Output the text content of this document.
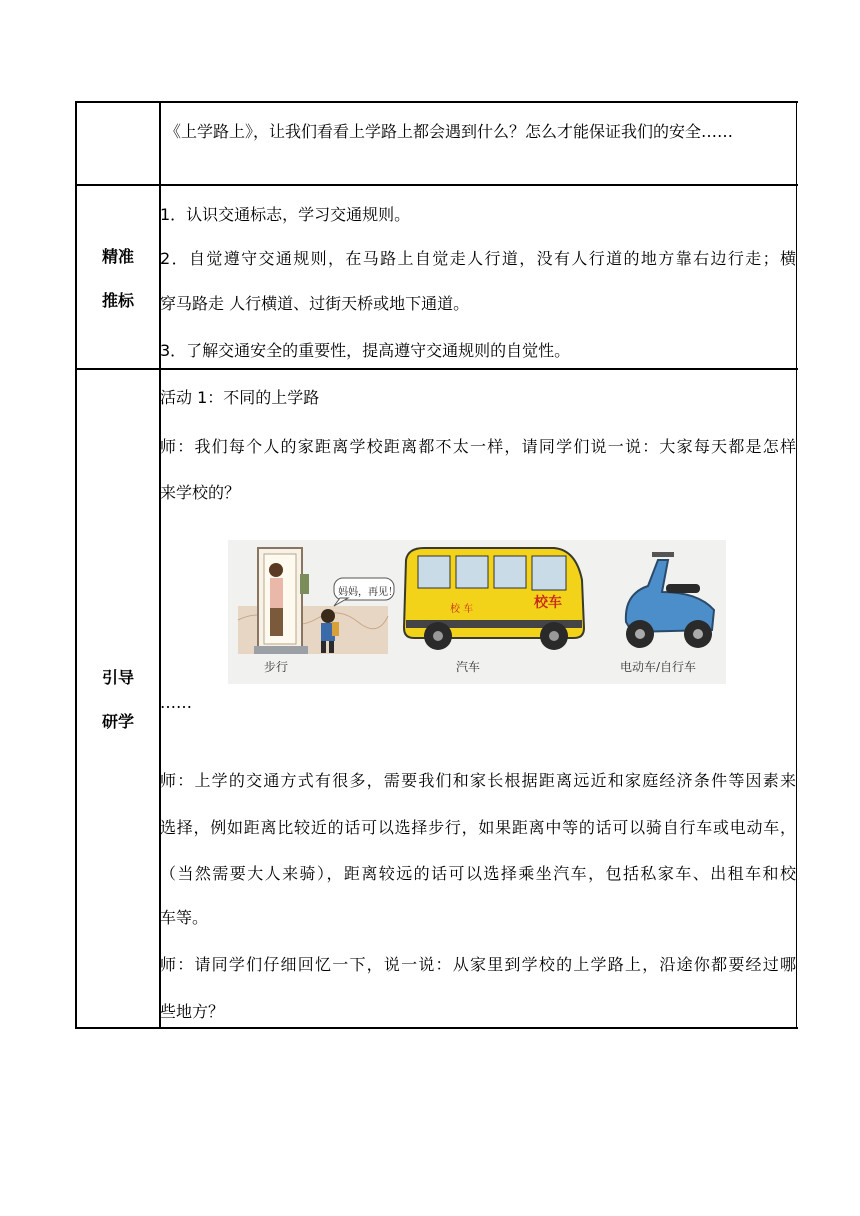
《上学路上》，让我们看看上学路上都会遇到什么？怎么才能保证我们的安全……
精准
推标
1．认识交通标志，学习交通规则。
2．自觉遵守交通规则，在马路上自觉走人行道，没有人行道的地方靠右边行走；横
穿马路走 人行横道、过街天桥或地下通道。
3．了解交通安全的重要性，提高遵守交通规则的自觉性。
引导
研学
活动 1：不同的上学路
师：我们每个人的家距离学校距离都不太一样，请同学们说一说：大家每天都是怎样
来学校的？
妈妈，再见！
校车
校 车
步行	汽车	电动车/自行车
……
师：上学的交通方式有很多，需要我们和家长根据距离远近和家庭经济条件等因素来
选择，例如距离比较近的话可以选择步行，如果距离中等的话可以骑自行车或电动车，
（当然需要大人来骑），距离较远的话可以选择乘坐汽车，包括私家车、出租车和校
车等。
师：请同学们仔细回忆一下，说一说：从家里到学校的上学路上，沿途你都要经过哪
些地方？
